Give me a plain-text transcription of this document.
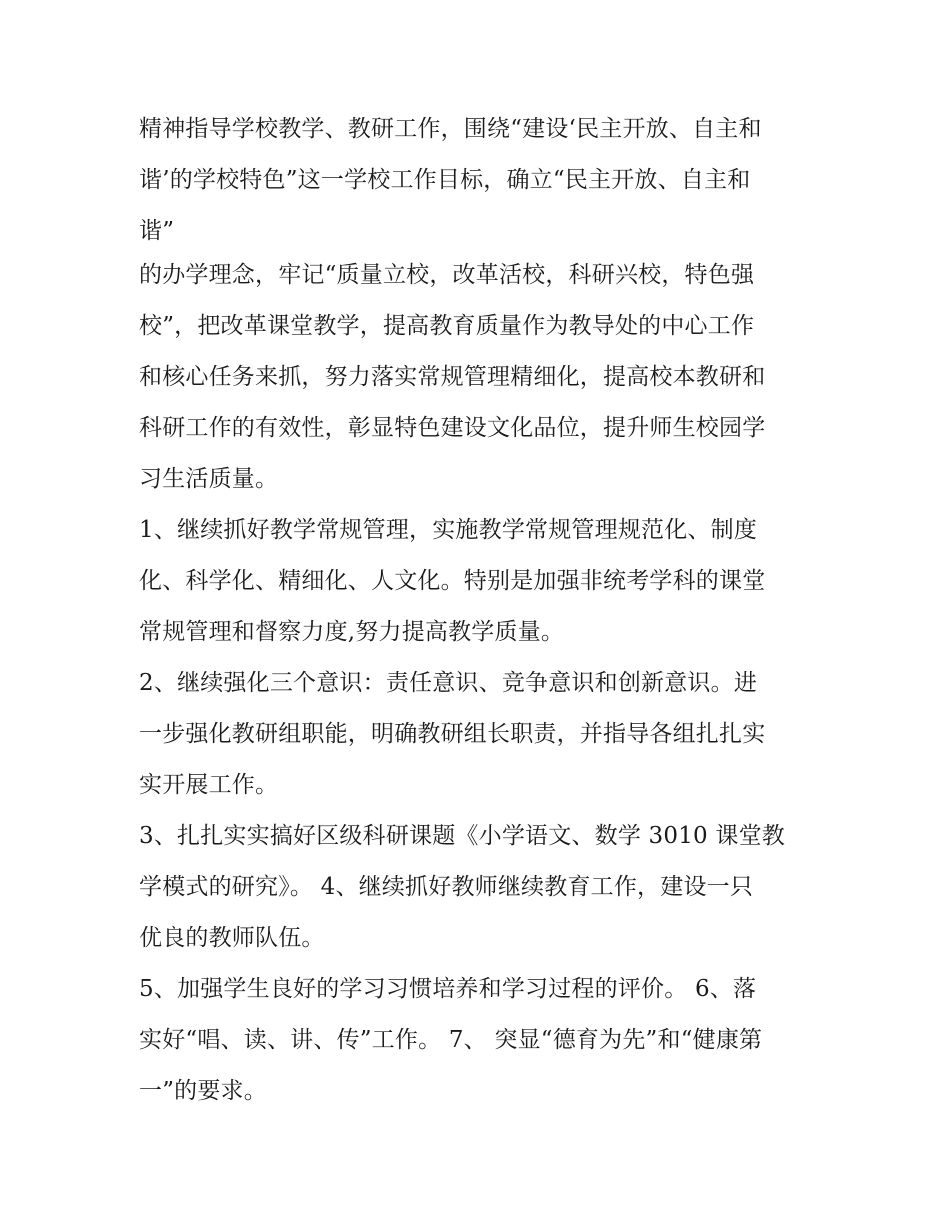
精神指导学校教学、教研工作，围绕“建设‘民主开放、自主和
谐’的学校特色”这一学校工作目标，确立“民主开放、自主和
谐”
的办学理念，牢记“质量立校，改革活校，科研兴校，特色强
校”，把改革课堂教学，提高教育质量作为教导处的中心工作
和核心任务来抓，努力落实常规管理精细化，提高校本教研和
科研工作的有效性，彰显特色建设文化品位，提升师生校园学
习生活质量。
1、继续抓好教学常规管理，实施教学常规管理规范化、制度
化、科学化、精细化、人文化。特别是加强非统考学科的课堂
常规管理和督察力度,努力提高教学质量。
2、继续强化三个意识：责任意识、竞争意识和创新意识。进
一步强化教研组职能，明确教研组长职责，并指导各组扎扎实
实开展工作。
3、扎扎实实搞好区级科研课题《小学语文、数学 3010 课堂教
学模式的研究》。 4、继续抓好教师继续教育工作，建设一只
优良的教师队伍。
5、加强学生良好的学习习惯培养和学习过程的评价。 6、落
实好“唱、读、讲、传”工作。 7、 突显“德育为先”和“健康第
一”的要求。
